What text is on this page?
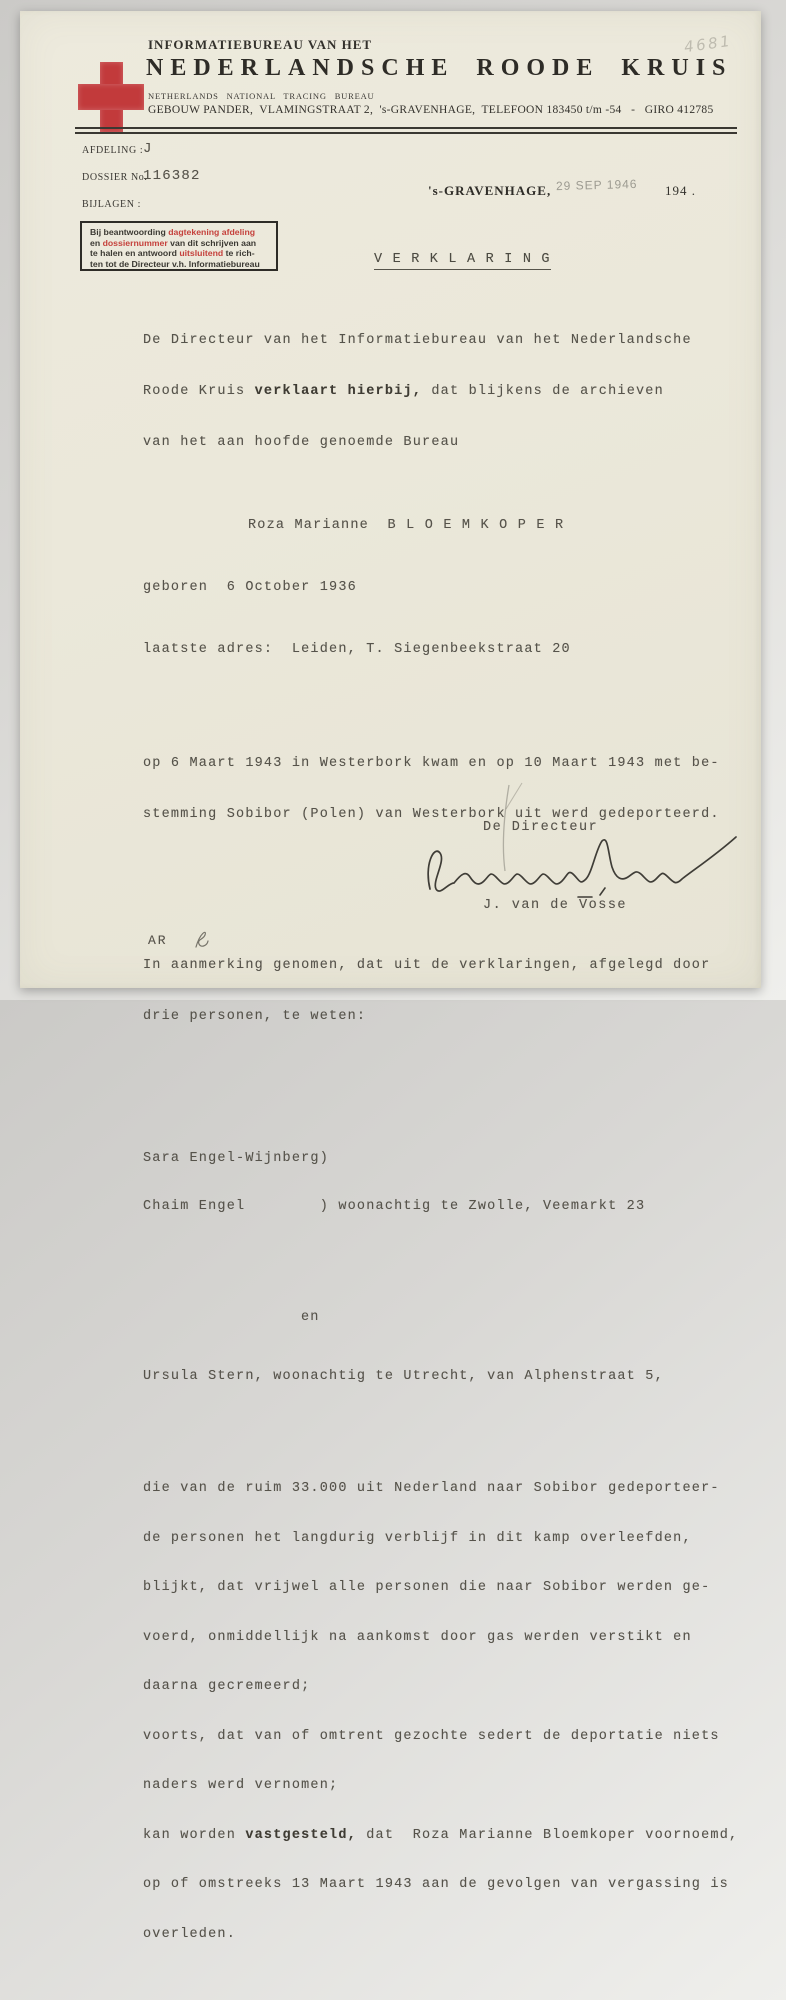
INFORMATIEBUREAU VAN HET
NEDERLANDSCHE ROODE KRUIS
NETHERLANDS NATIONAL TRACING BUREAU
GEBOUW PANDER,  VLAMINGSTRAAT 2,  's-GRAVENHAGE,  TELEFOON 183450 t/m -54   -   GIRO 412785
AFDELING : J
DOSSIER No.
116382
BIJLAGEN :
's-GRAVENHAGE, 29 SEP 1946 194 .
Bij beantwoording dagtekening afdeling
en dossiernummer van dit schrijven aan
te halen en antwoord uitsluitend te rich-
ten tot de Directeur v.h. Informatiebureau	V E R K L A R I N G

De Directeur van het Informatiebureau van het Nederlandsche

Roode Kruis verklaart hierbij, dat blijkens de archieven

van het aan hoofde genoemde Bureau

Roza Marianne  B L O E M K O P E R

geboren  6 October 1936

laatste adres:  Leiden, T. Siegenbeekstraat 20

op 6 Maart 1943 in Westerbork kwam en op 10 Maart 1943 met be-

stemming Sobibor (Polen) van Westerbork uit werd gedeporteerd.

In aanmerking genomen, dat uit de verklaringen, afgelegd door

drie personen, te weten:

Sara Engel-Wijnberg)

Chaim Engel        ) woonachtig te Zwolle, Veemarkt 23

en

Ursula Stern, woonachtig te Utrecht, van Alphenstraat 5,

die van de ruim 33.000 uit Nederland naar Sobibor gedeporteer-

de personen het langdurig verblijf in dit kamp overleefden,

blijkt, dat vrijwel alle personen die naar Sobibor werden ge-

voerd, onmiddellijk na aankomst door gas werden verstikt en

daarna gecremeerd;

voorts, dat van of omtrent gezochte sedert de deportatie niets

naders werd vernomen;

kan worden vastgesteld, dat  Roza Marianne Bloemkoper voornoemd,

op of omstreeks 13 Maart 1943 aan de gevolgen van vergassing is

overleden.

De Directeur
J. van de Vosse
AR
4681
